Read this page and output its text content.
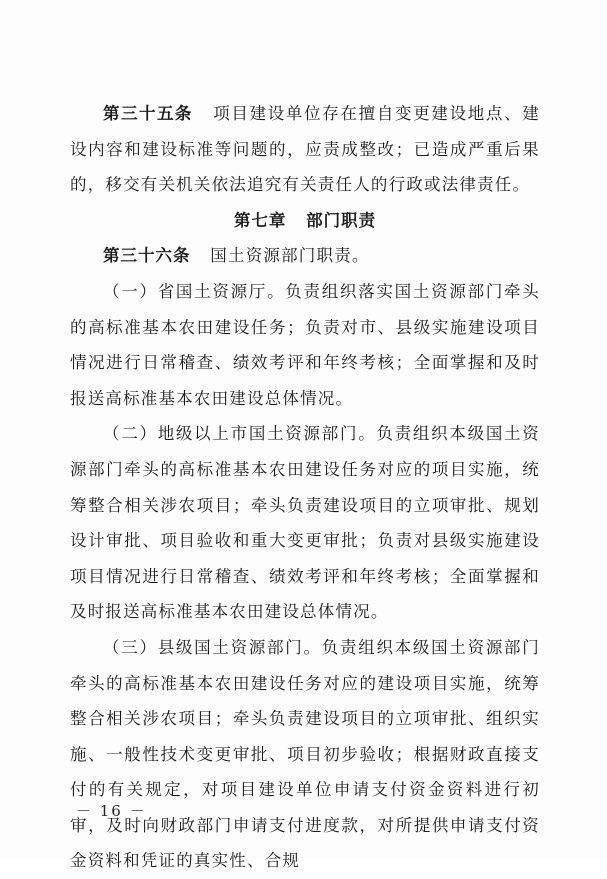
第三十五条 项目建设单位存在擅自变更建设地点、建设内容和建设标准等问题的，应责成整改；已造成严重后果的，移交有关机关依法追究有关责任人的行政或法律责任。

第七章 部门职责

第三十六条 国土资源部门职责。

（一）省国土资源厅。负责组织落实国土资源部门牵头的高标准基本农田建设任务；负责对市、县级实施建设项目情况进行日常稽查、绩效考评和年终考核；全面掌握和及时报送高标准基本农田建设总体情况。

（二）地级以上市国土资源部门。负责组织本级国土资源部门牵头的高标准基本农田建设任务对应的项目实施，统筹整合相关涉农项目；牵头负责建设项目的立项审批、规划设计审批、项目验收和重大变更审批；负责对县级实施建设项目情况进行日常稽查、绩效考评和年终考核；全面掌握和及时报送高标准基本农田建设总体情况。

（三）县级国土资源部门。负责组织本级国土资源部门牵头的高标准基本农田建设任务对应的建设项目实施，统筹整合相关涉农项目；牵头负责建设项目的立项审批、组织实施、一般性技术变更审批、项目初步验收；根据财政直接支付的有关规定，对项目建设单位申请支付资金资料进行初审，及时向财政部门申请支付进度款，对所提供申请支付资金资料和凭证的真实性、合规

－ 16 －
